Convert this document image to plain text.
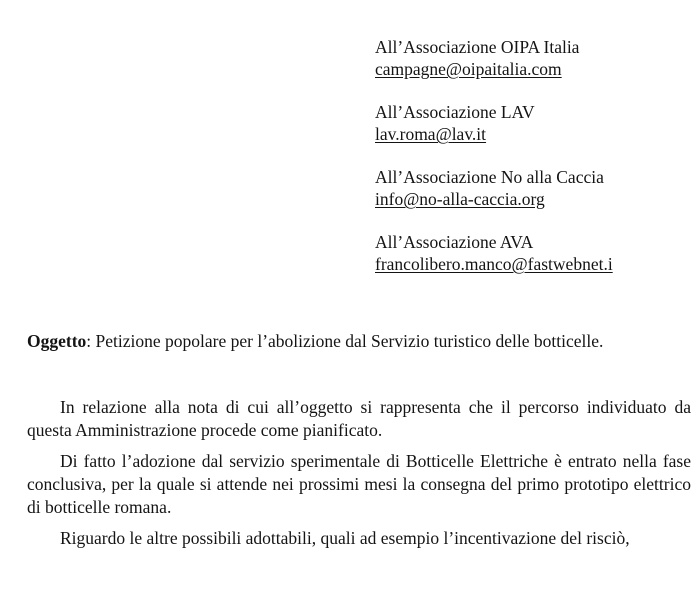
All’Associazione OIPA Italia
campagne@oipaitalia.com
All’Associazione LAV
lav.roma@lav.it
All’Associazione No alla Caccia
info@no-alla-caccia.org
All’Associazione AVA
francolibero.manco@fastwebnet.i
Oggetto: Petizione popolare per l’abolizione dal Servizio turistico delle botticelle.

In relazione alla nota di cui all’oggetto si rappresenta che il percorso individuato da questa Amministrazione procede come pianificato.

Di fatto l’adozione dal servizio sperimentale di Botticelle Elettriche è entrato nella fase conclusiva, per la quale si attende nei prossimi mesi la consegna del primo prototipo elettrico di botticelle romana.

Riguardo le altre possibili adottabili, quali ad esempio l’incentivazione del risciò,
